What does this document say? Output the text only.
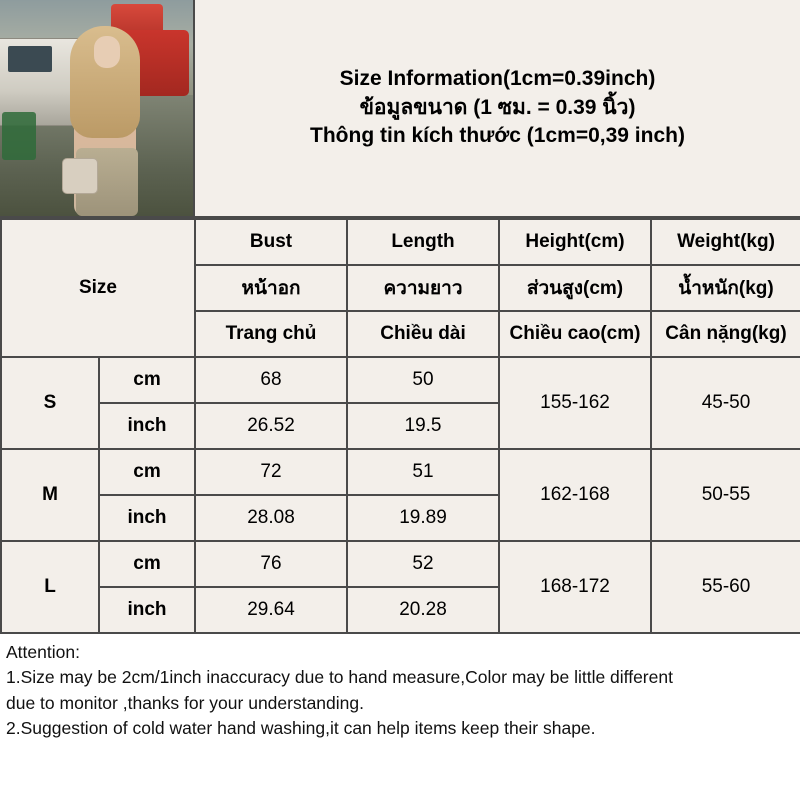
Size Information(1cm=0.39inch)
ข้อมูลขนาด (1 ซม. = 0.39 นิ้ว)
Thông tin kích thước (1cm=0,39 inch)
Size		Bust	Length	Height(cm)	Weight(kg)
		หน้าอก	ความยาว	ส่วนสูง(cm)	น้ำหนัก(kg)
		Trang chủ	Chiều dài	Chiều cao(cm)	Cân nặng(kg)
S	cm	68	50	155-162	45-50
	inch	26.52	19.5		
M	cm	72	51	162-168	50-55
	inch	28.08	19.89		
L	cm	76	52	168-172	55-60
	inch	29.64	20.28		
Attention:
1.Size may be 2cm/1inch inaccuracy due to hand measure,Color may be little different
due to monitor ,thanks for your understanding.
2.Suggestion of cold water hand washing,it can help items keep their shape.
